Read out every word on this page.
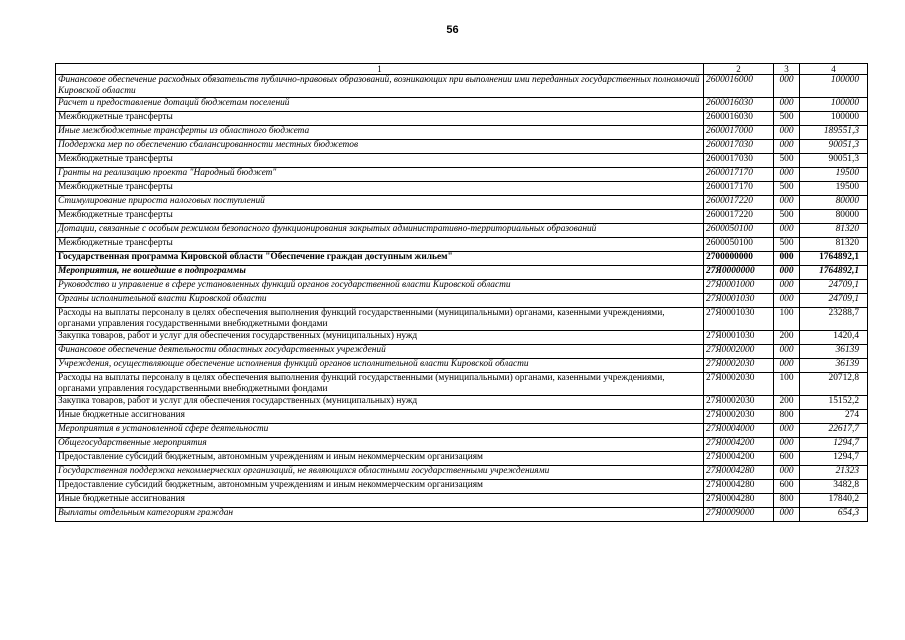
56
1	2	3	4
Финансовое обеспечение расходных обязательств публично-правовых образований, возникающих при выполнении ими переданных государственных полномочий Кировской области	2600016000	000	100000
Расчет и предоставление дотаций бюджетам поселений	2600016030	000	100000
Межбюджетные трансферты	2600016030	500	100000
Иные межбюджетные трансферты из областного бюджета	2600017000	000	189551,3
Поддержка мер по обеспечению сбалансированности местных бюджетов	2600017030	000	90051,3
Межбюджетные трансферты	2600017030	500	90051,3
Гранты на реализацию проекта "Народный бюджет"	2600017170	000	19500
Межбюджетные трансферты	2600017170	500	19500
Стимулирование прироста налоговых поступлений	2600017220	000	80000
Межбюджетные трансферты	2600017220	500	80000
Дотации, связанные с особым режимом безопасного функционирования закрытых административно-территориальных образований	2600050100	000	81320
Межбюджетные трансферты	2600050100	500	81320
Государственная программа Кировской области "Обеспечение граждан доступным жильем"	2700000000	000	1764892,1
Мероприятия, не вошедшие в подпрограммы	27Я0000000	000	1764892,1
Руководство и управление в сфере установленных функций органов государственной власти Кировской области	27Я0001000	000	24709,1
Органы исполнительной власти Кировской области	27Я0001030	000	24709,1
Расходы на выплаты персоналу в целях обеспечения выполнения функций государственными (муниципальными) органами, казенными учреждениями, органами управления государственными внебюджетными фондами	27Я0001030	100	23288,7
Закупка товаров, работ и услуг для обеспечения государственных (муниципальных) нужд	27Я0001030	200	1420,4
Финансовое обеспечение деятельности областных государственных учреждений	27Я0002000	000	36139
Учреждения, осуществляющие обеспечение исполнения функций органов исполнительной власти Кировской области	27Я0002030	000	36139
Расходы на выплаты персоналу в целях обеспечения выполнения функций государственными (муниципальными) органами, казенными учреждениями, органами управления государственными внебюджетными фондами	27Я0002030	100	20712,8
Закупка товаров, работ и услуг для обеспечения государственных (муниципальных) нужд	27Я0002030	200	15152,2
Иные бюджетные ассигнования	27Я0002030	800	274
Мероприятия в установленной сфере деятельности	27Я0004000	000	22617,7
Общегосударственные мероприятия	27Я0004200	000	1294,7
Предоставление субсидий бюджетным, автономным учреждениям и иным некоммерческим организациям	27Я0004200	600	1294,7
Государственная поддержка некоммерческих организаций, не являющихся областными государственными учреждениями	27Я0004280	000	21323
Предоставление субсидий бюджетным, автономным учреждениям и иным некоммерческим организациям	27Я0004280	600	3482,8
Иные бюджетные ассигнования	27Я0004280	800	17840,2
Выплаты отдельным категориям граждан	27Я0009000	000	654,3
